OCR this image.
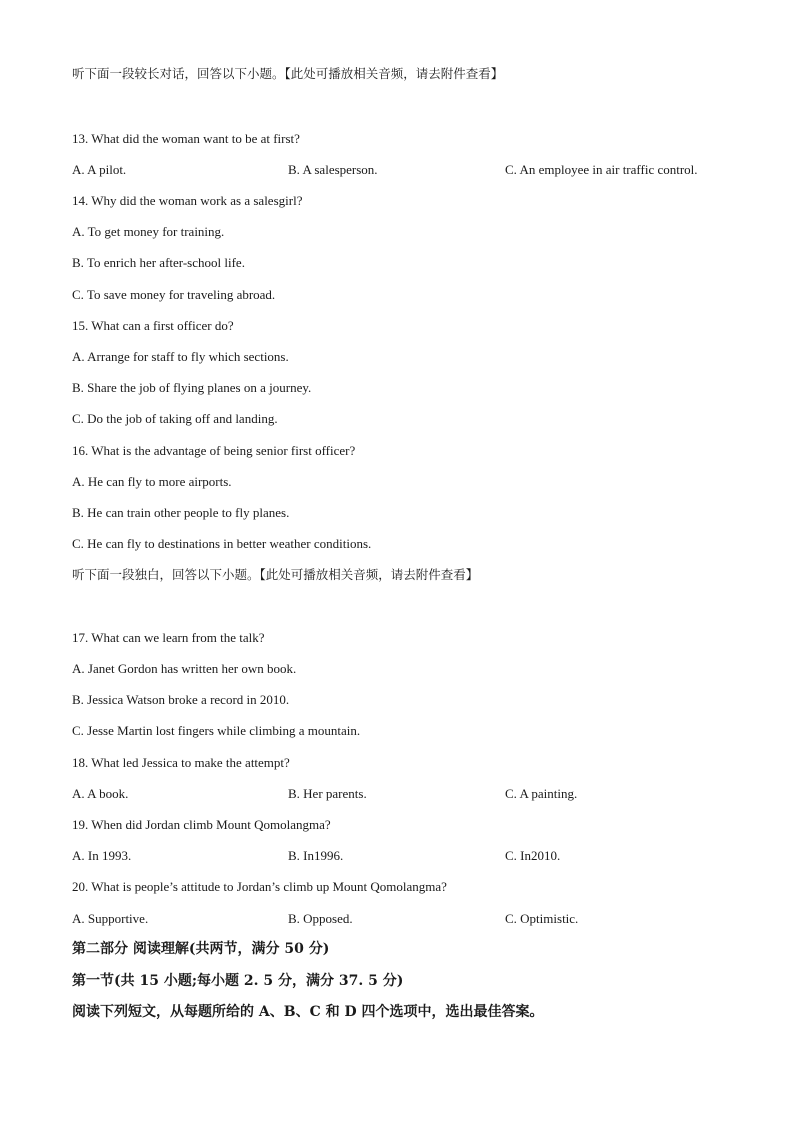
听下面一段较长对话，回答以下小题。【此处可播放相关音频，请去附件查看】
13. What did the woman want to be at first?
A. A pilot.	B. A salesperson.	C. An employee in air traffic control.
14. Why did the woman work as a salesgirl?
A. To get money for training.
B. To enrich her after-school life.
C. To save money for traveling abroad.
15. What can a first officer do?
A. Arrange for staff to fly which sections.
B. Share the job of flying planes on a journey.
C. Do the job of taking off and landing.
16. What is the advantage of being senior first officer?
A. He can fly to more airports.
B. He can train other people to fly planes.
C. He can fly to destinations in better weather conditions.
听下面一段独白，回答以下小题。【此处可播放相关音频，请去附件查看】
17. What can we learn from the talk?
A. Janet Gordon has written her own book.
B. Jessica Watson broke a record in 2010.
C. Jesse Martin lost fingers while climbing a mountain.
18. What led Jessica to make the attempt?
A. A book.	B. Her parents.	C. A painting.
19. When did Jordan climb Mount Qomolangma?
A. In 1993.	B. In1996.	C. In2010.
20. What is people’s attitude to Jordan’s climb up Mount Qomolangma?
A. Supportive.	B. Opposed.	C. Optimistic.
第二部分 阅读理解(共两节，满分 50 分)
第一节(共 15 小题;每小题 2. 5 分，满分 37. 5 分)
阅读下列短文，从每题所给的 A、B、C 和 D 四个选项中，选出最佳答案。
